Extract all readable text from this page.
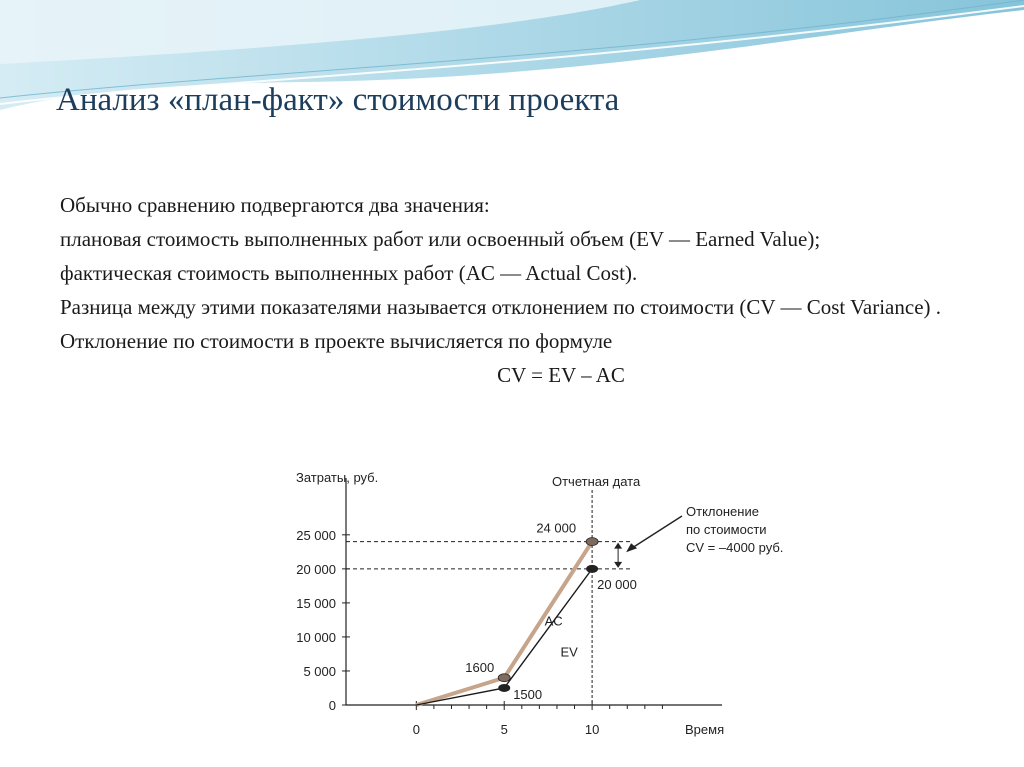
Анализ «план-факт» стоимости проекта

Обычно сравнению подвергаются два значения:

плановая стоимость выполненных работ или освоенный объем (EV — Earned Value);

фактическая стоимость выполненных работ (AC — Actual Cost).

Разница между этими показателями называется отклонением по стоимости (CV — Cost Variance) .

Отклонение по стоимости в проекте вычисляется по формуле

CV = EV – AC
0
5 000
10 000
15 000
20 000
25 000
Затраты, руб.
0	5	10	Время
Отчетная дата
AC
EV
1600
1500
24 000
20 000
Отклонение
по стоимости
CV = –4000 руб.
